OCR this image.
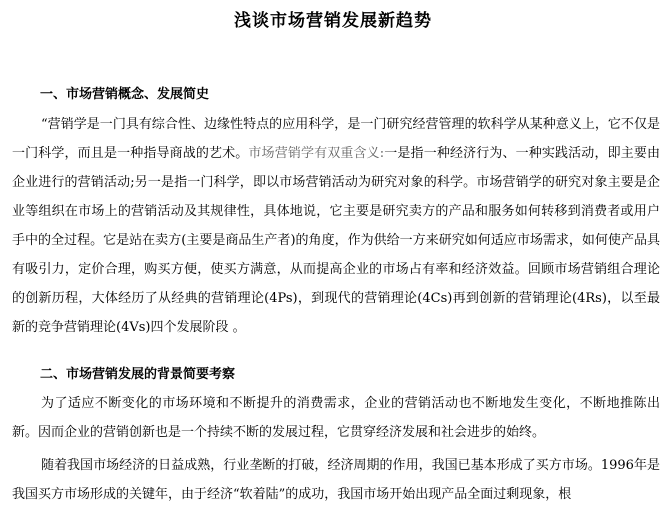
浅谈市场营销发展新趋势
一、市场营销概念、发展简史
“营销学是一门具有综合性、边缘性特点的应用科学，是一门研究经营管理的软科学从某种意义上，它不仅是一门科学，而且是一种指导商战的艺术。市场营销学有双重含义:一是指一种经济行为、一种实践活动，即主要由企业进行的营销活动;另一是指一门科学，即以市场营销活动为研究对象的科学。市场营销学的研究对象主要是企业等组织在市场上的营销活动及其规律性，具体地说，它主要是研究卖方的产品和服务如何转移到消费者或用户手中的全过程。它是站在卖方(主要是商品生产者)的角度，作为供给一方来研究如何适应市场需求，如何使产品具有吸引力，定价合理，购买方便，使买方满意，从而提高企业的市场占有率和经济效益。回顾市场营销组合理论的创新历程，大体经历了从经典的营销理论(4Ps)，到现代的营销理论(4Cs)再到创新的营销理论(4Rs)，以至最新的竞争营销理论(4Vs)四个发展阶段 。
二、市场营销发展的背景简要考察
为了适应不断变化的市场环境和不断提升的消费需求，企业的营销活动也不断地发生变化，不断地推陈出新。因而企业的营销创新也是一个持续不断的发展过程，它贯穿经济发展和社会进步的始终。
随着我国市场经济的日益成熟，行业垄断的打破，经济周期的作用，我国已基本形成了买方市场。1996年是我国买方市场形成的关键年，由于经济“软着陆”的成功，我国市场开始出现产品全面过剩现象，根
